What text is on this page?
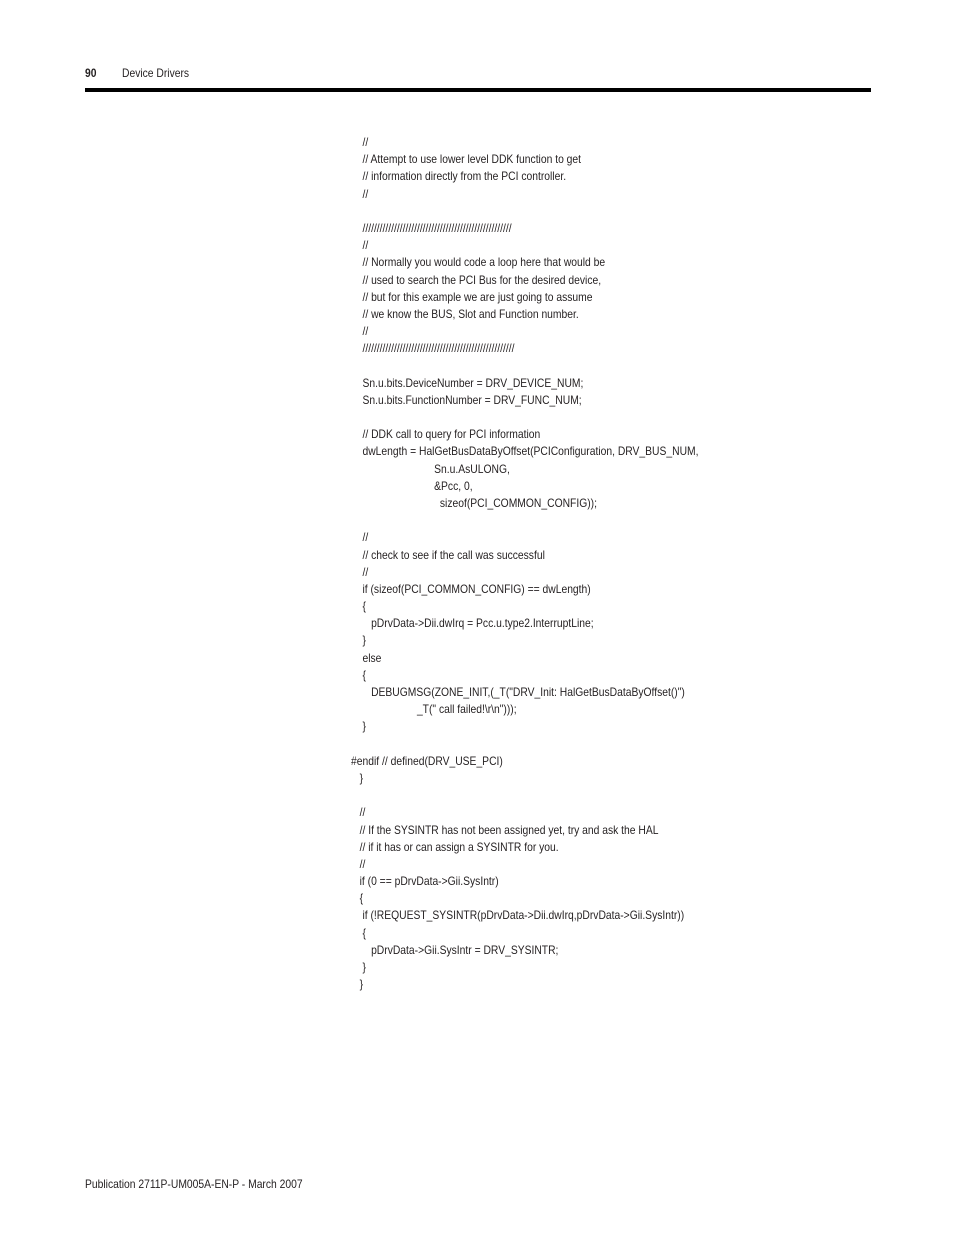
90 Device Drivers
//
// Attempt to use lower level DDK function to get
// information directly from the PCI controller.
//
////////////////////////////////////////////////////
//
// Normally you would code a loop here that would be
// used to search the PCI Bus for the desired device,
// but for this example we are just going to assume
// we know the BUS, Slot and Function number.
//
/////////////////////////////////////////////////////
Sn.u.bits.DeviceNumber = DRV_DEVICE_NUM;
Sn.u.bits.FunctionNumber = DRV_FUNC_NUM;
// DDK call to query for PCI information
dwLength = HalGetBusDataByOffset(PCIConfiguration, DRV_BUS_NUM,
Sn.u.AsULONG,
&Pcc, 0,
sizeof(PCI_COMMON_CONFIG));
//
// check to see if the call was successful
//
if (sizeof(PCI_COMMON_CONFIG) == dwLength)
{
pDrvData->Dii.dwIrq = Pcc.u.type2.InterruptLine;
}
else
{
DEBUGMSG(ZONE_INIT,(_T("DRV_Init: HalGetBusDataByOffset()")
_T(" call failed!\r\n")));
}
#endif // defined(DRV_USE_PCI)
}
//
// If the SYSINTR has not been assigned yet, try and ask the HAL
// if it has or can assign a SYSINTR for you.
//
if (0 == pDrvData->Gii.SysIntr)
{
if (!REQUEST_SYSINTR(pDrvData->Dii.dwIrq,pDrvData->Gii.SysIntr))
{
pDrvData->Gii.SysIntr = DRV_SYSINTR;
}
}
Publication 2711P-UM005A-EN-P - March 2007
